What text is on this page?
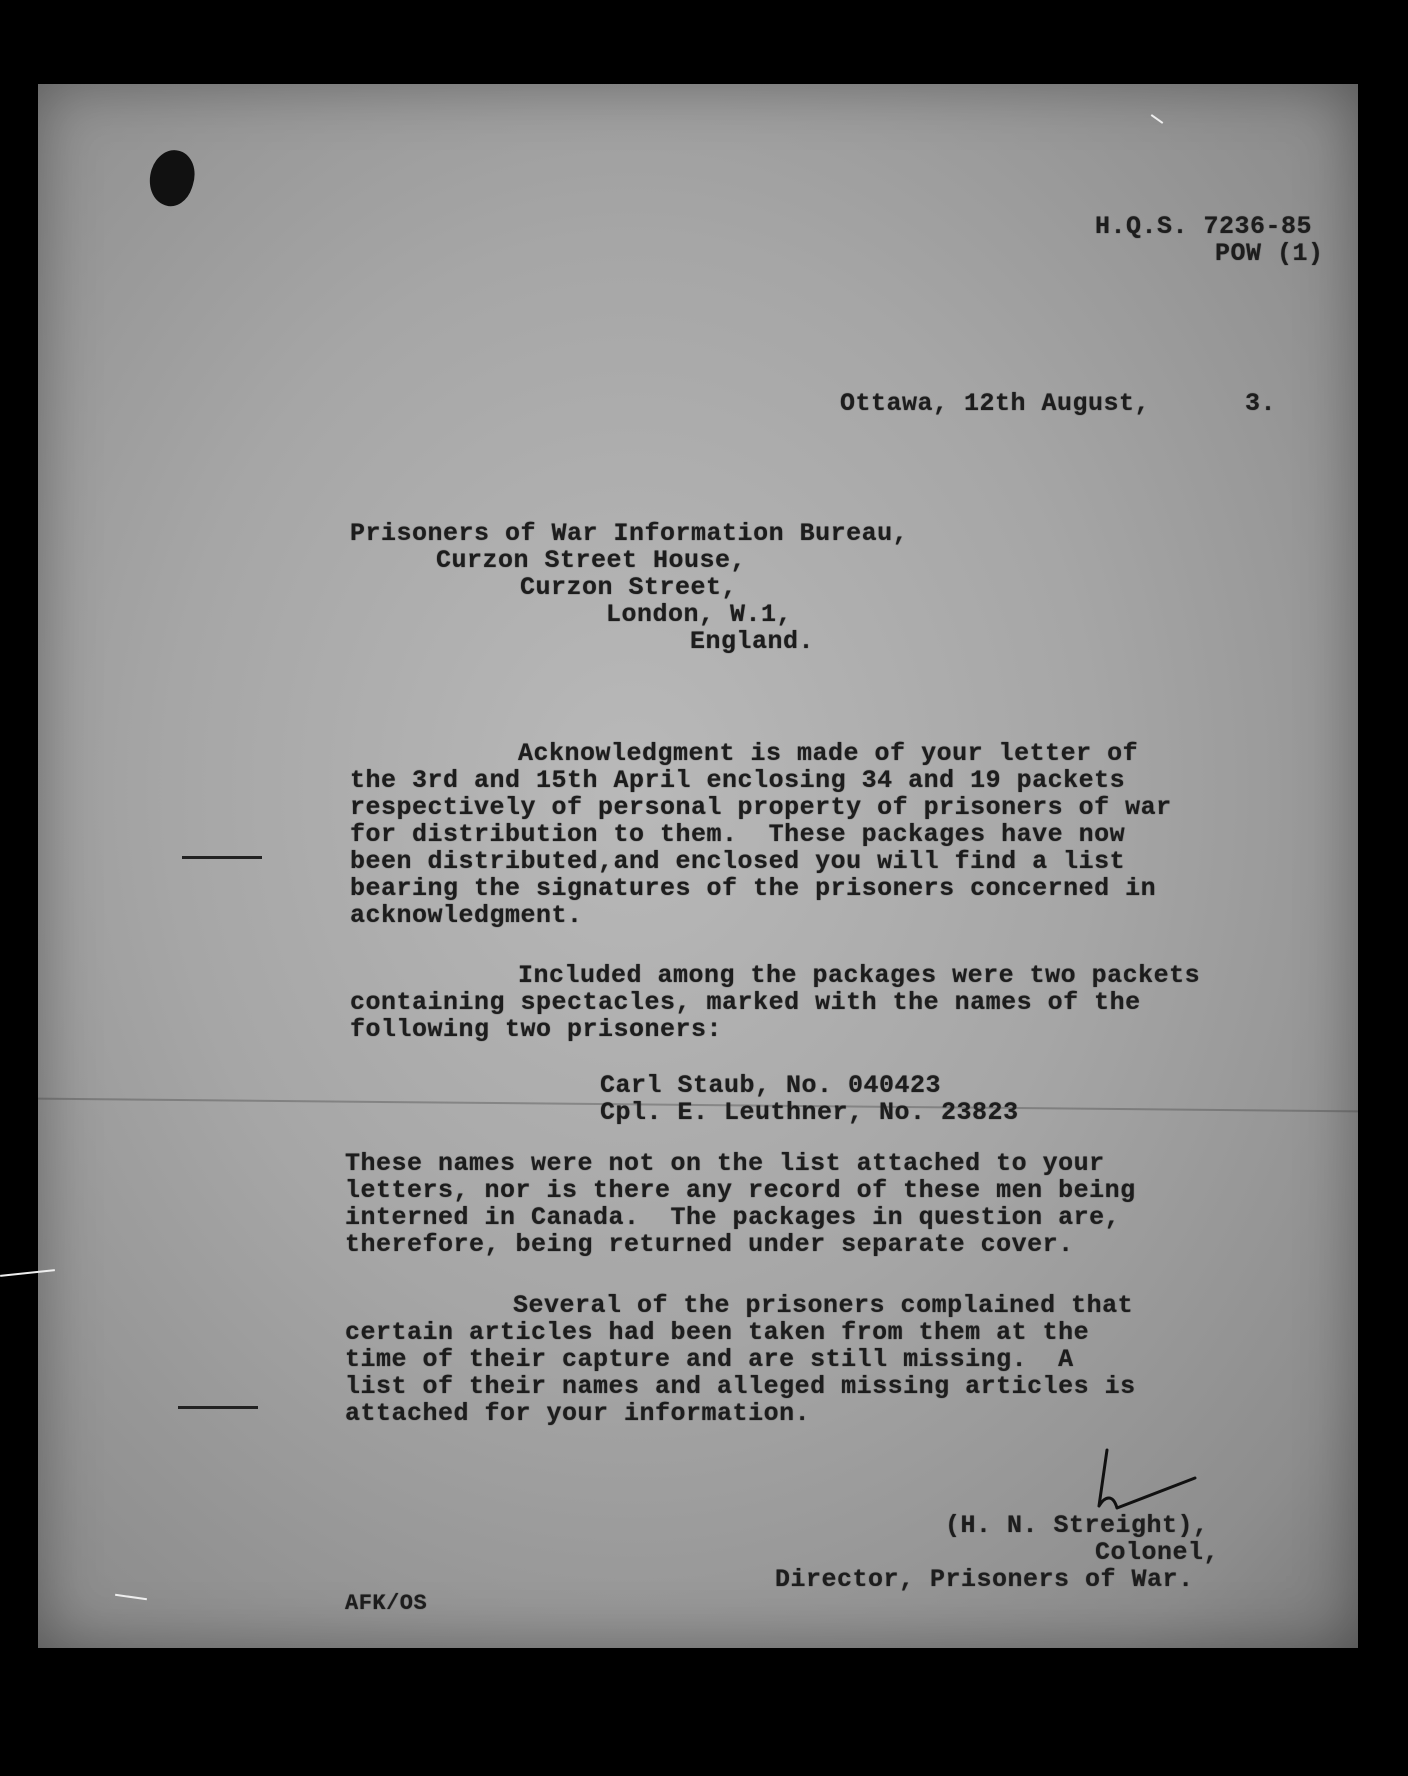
H.Q.S. 7236-85
POW (1)
Ottawa, 12th August,	3.
Prisoners of War Information Bureau,
Curzon Street House,
Curzon Street,
London, W.1,
England.
Acknowledgment is made of your letter of
the 3rd and 15th April enclosing 34 and 19 packets
respectively of personal property of prisoners of war
for distribution to them.  These packages have now
been distributed,and enclosed you will find a list
bearing the signatures of the prisoners concerned in
acknowledgment.
Included among the packages were two packets
containing spectacles, marked with the names of the
following two prisoners:
Carl Staub, No. 040423
Cpl. E. Leuthner, No. 23823
These names were not on the list attached to your
letters, nor is there any record of these men being
interned in Canada.  The packages in question are,
therefore, being returned under separate cover.
Several of the prisoners complained that
certain articles had been taken from them at the
time of their capture and are still missing.  A
list of their names and alleged missing articles is
attached for your information.
(H. N. Streight),
Colonel,
Director, Prisoners of War.
AFK/OS
